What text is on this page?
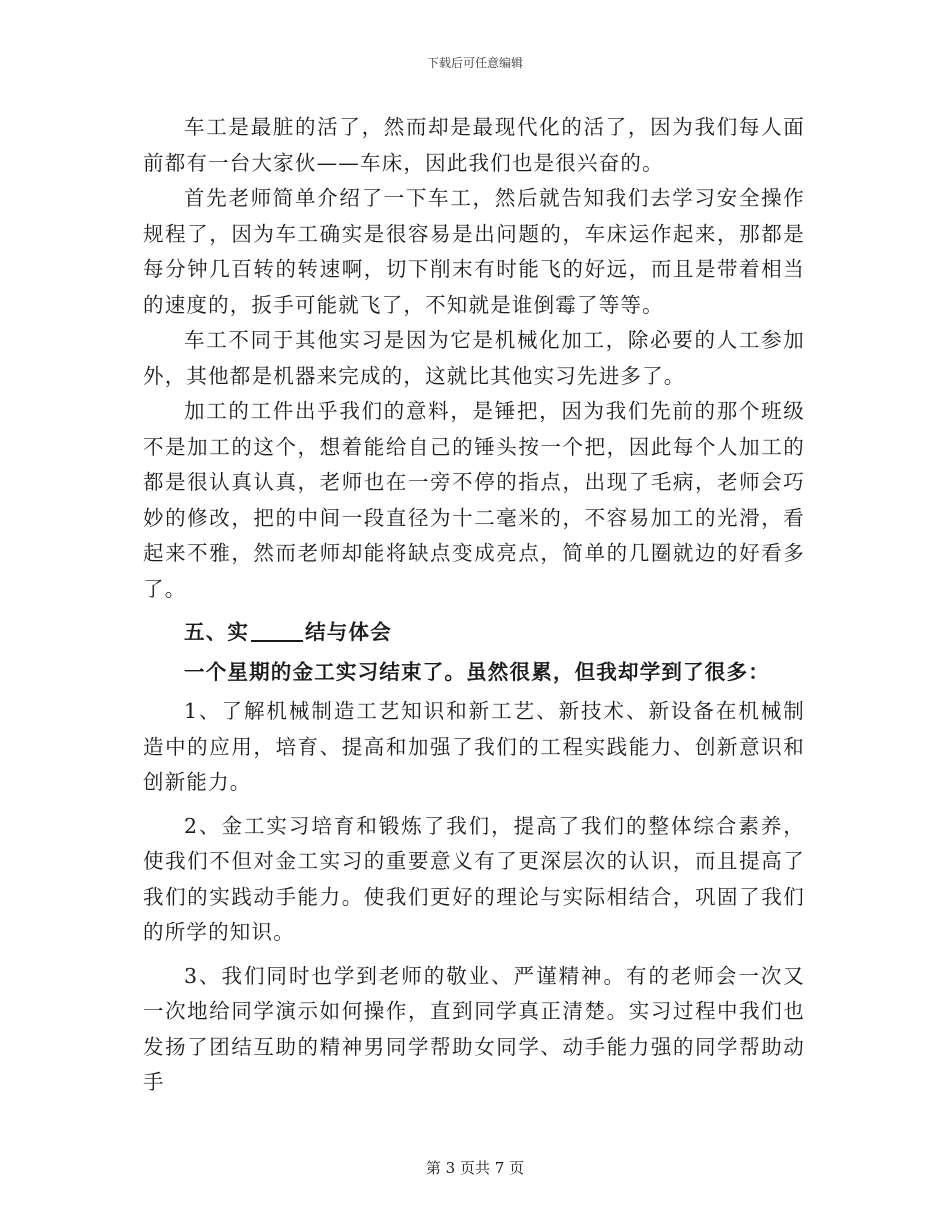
下载后可任意编辑

车工是最脏的活了，然而却是最现代化的活了，因为我们每人面前都有一台大家伙——车床，因此我们也是很兴奋的。

首先老师简单介绍了一下车工，然后就告知我们去学习安全操作规程了，因为车工确实是很容易是出问题的，车床运作起来，那都是每分钟几百转的转速啊，切下削末有时能飞的好远，而且是带着相当的速度的，扳手可能就飞了，不知就是谁倒霉了等等。

车工不同于其他实习是因为它是机械化加工，除必要的人工参加外，其他都是机器来完成的，这就比其他实习先进多了。

加工的工件出乎我们的意料，是锤把，因为我们先前的那个班级不是加工的这个，想着能给自己的锤头按一个把，因此每个人加工的都是很认真认真，老师也在一旁不停的指点，出现了毛病，老师会巧妙的修改，把的中间一段直径为十二毫米的，不容易加工的光滑，看起来不雅，然而老师却能将缺点变成亮点，简单的几圈就边的好看多了。

五、实	结与体会

一个星期的金工实习结束了。虽然很累，但我却学到了很多：

1、了解机械制造工艺知识和新工艺、新技术、新设备在机械制造中的应用，培育、提高和加强了我们的工程实践能力、创新意识和创新能力。

2、金工实习培育和锻炼了我们，提高了我们的整体综合素养，使我们不但对金工实习的重要意义有了更深层次的认识，而且提高了我们的实践动手能力。使我们更好的理论与实际相结合，巩固了我们的所学的知识。

3、我们同时也学到老师的敬业、严谨精神。有的老师会一次又一次地给同学演示如何操作，直到同学真正清楚。实习过程中我们也发扬了团结互助的精神男同学帮助女同学、动手能力强的同学帮助动手

第 3 页共 7 页
